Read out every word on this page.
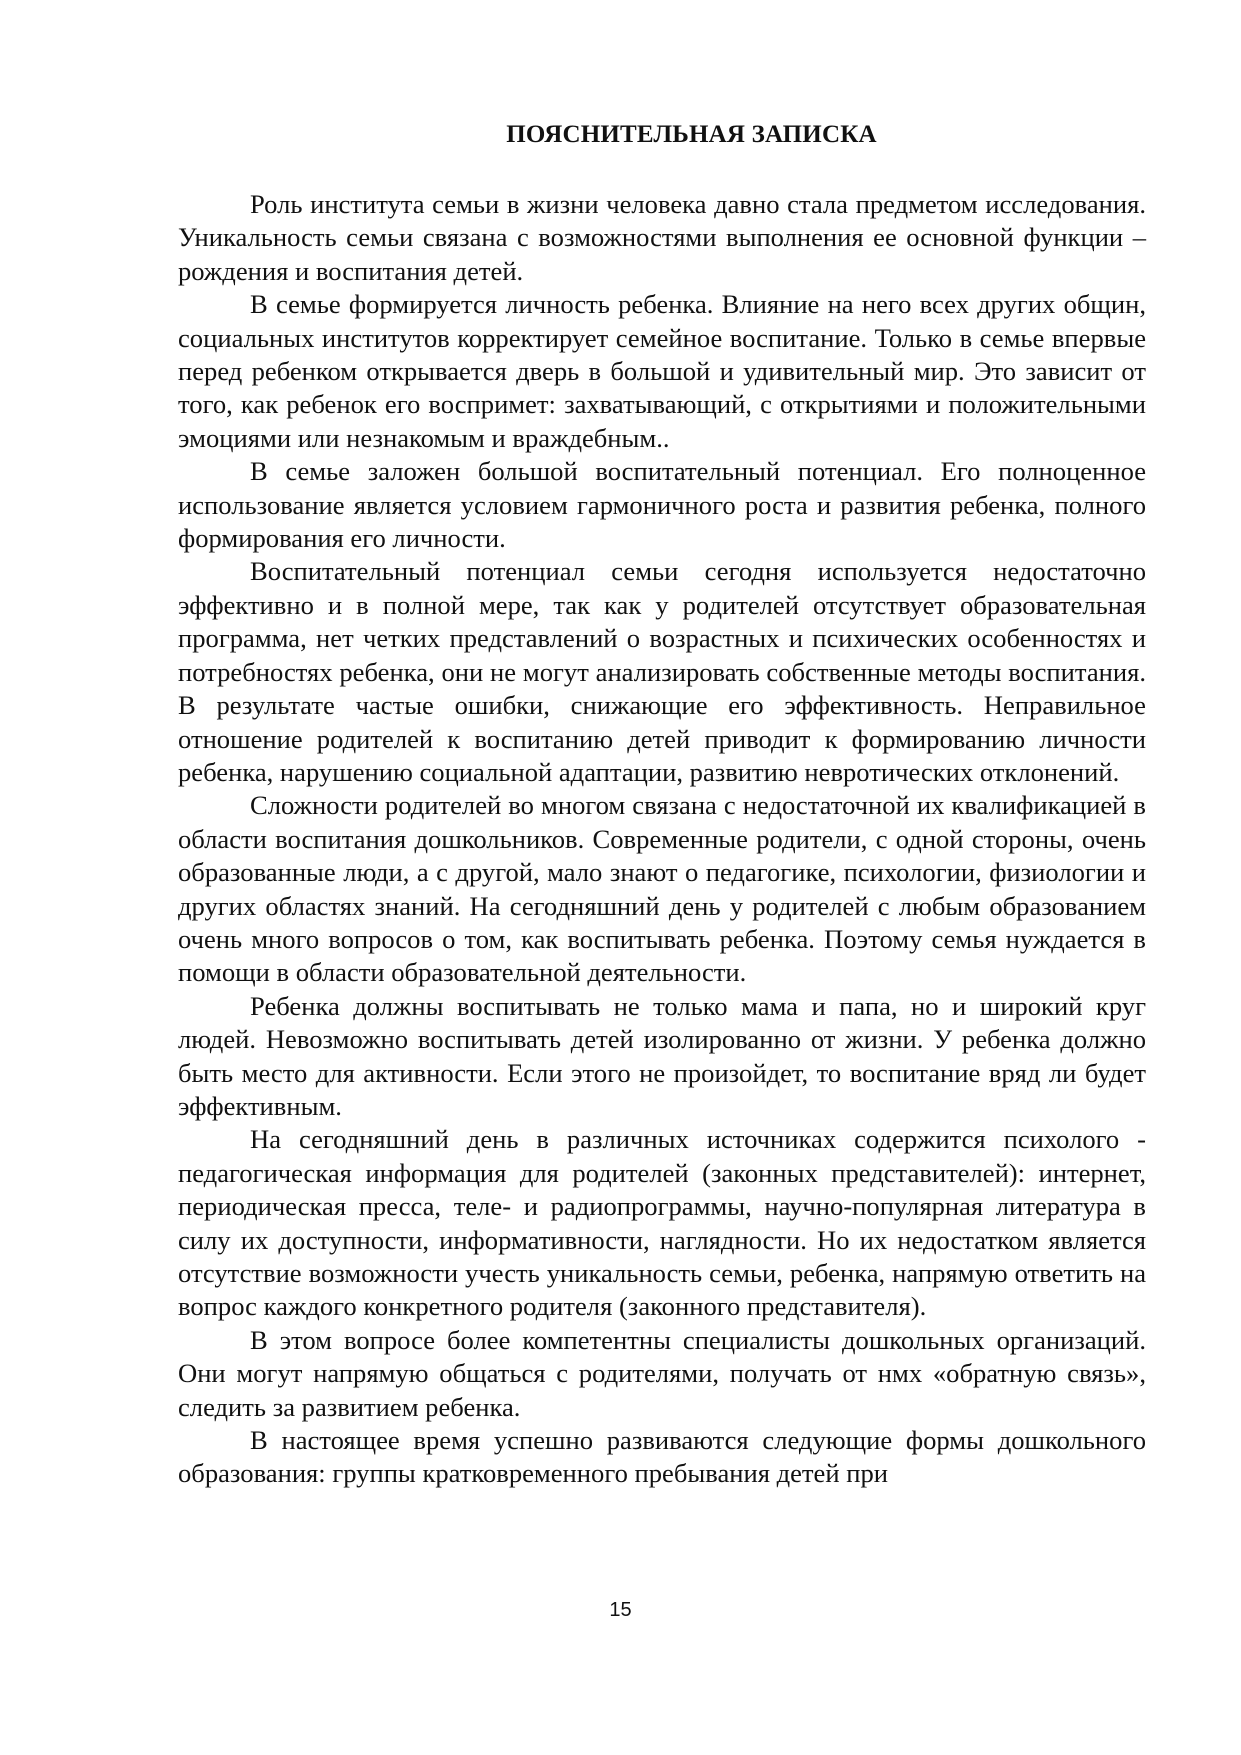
ПОЯСНИТЕЛЬНАЯ ЗАПИСКА

Роль института семьи в жизни человека давно стала предметом исследования. Уникальность семьи связана с возможностями выполнения ее основной функции – рождения и воспитания детей.

В семье формируется личность ребенка. Влияние на него всех других общин, социальных институтов корректирует семейное воспитание. Только в семье впервые перед ребенком открывается дверь в большой и удивительный мир. Это зависит от того, как ребенок его воспримет: захватывающий, с открытиями и положительными эмоциями или незнакомым и враждебным..

В семье заложен большой воспитательный потенциал. Его полноценное использование является условием гармоничного роста и развития ребенка, полного формирования его личности.

Воспитательный потенциал семьи сегодня используется недостаточно эффективно и в полной мере, так как у родителей отсутствует образовательная программа, нет четких представлений о возрастных и психических особенностях и потребностях ребенка, они не могут анализировать собственные методы воспитания. В результате частые ошибки, снижающие его эффективность. Неправильное отношение родителей к воспитанию детей приводит к формированию личности ребенка, нарушению социальной адаптации, развитию невротических отклонений.

Сложности родителей во многом связана с недостаточной их квалификацией в области воспитания дошкольников. Современные родители, с одной стороны, очень образованные люди, а с другой, мало знают о педагогике, психологии, физиологии и других областях знаний. На сегодняшний день у родителей с любым образованием очень много вопросов о том, как воспитывать ребенка. Поэтому семья нуждается в помощи в области образовательной деятельности.

Ребенка должны воспитывать не только мама и папа, но и широкий круг людей. Невозможно воспитывать детей изолированно от жизни. У ребенка должно быть место для активности. Если этого не произойдет, то воспитание вряд ли будет эффективным.

На сегодняшний день в различных источниках содержится психолого - педагогическая информация для родителей (законных представителей): интернет, периодическая пресса, теле- и радиопрограммы, научно-популярная литература в силу их доступности, информативности, наглядности. Но их недостатком является отсутствие возможности учесть уникальность семьи, ребенка, напрямую ответить на вопрос каждого конкретного родителя (законного представителя).

В этом вопросе более компетентны специалисты дошкольных организаций. Они могут напрямую общаться с родителями, получать от нмх «обратную связь», следить за развитием ребенка.

В настоящее время успешно развиваются следующие формы дошкольного образования: группы кратковременного пребывания детей при

15
